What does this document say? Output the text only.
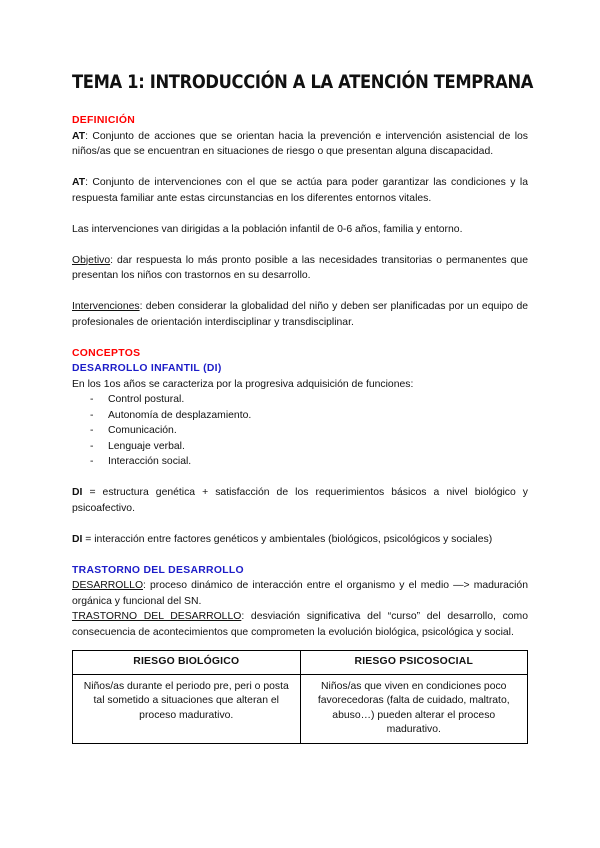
TEMA 1: INTRODUCCIÓN A LA ATENCIÓN TEMPRANA
DEFINICIÓN

AT: Conjunto de acciones que se orientan hacia la prevención e intervención asistencial de los niños/as que se encuentran en situaciones de riesgo o que presentan alguna discapacidad.

AT: Conjunto de intervenciones con el que se actúa para poder garantizar las condiciones y la respuesta familiar ante estas circunstancias en los diferentes entornos vitales.

Las intervenciones van dirigidas a la población infantil de 0-6 años, familia y entorno.

Objetivo: dar respuesta lo más pronto posible a las necesidades transitorias o permanentes que presentan los niños con trastornos en su desarrollo.

Intervenciones: deben considerar la globalidad del niño y deben ser planificadas por un equipo de profesionales de orientación interdisciplinar y transdisciplinar.

CONCEPTOS
DESARROLLO INFANTIL (DI)

En los 1os años se caracteriza por la progresiva adquisición de funciones:

- Control postural.
- Autonomía de desplazamiento.
- Comunicación.
- Lenguaje verbal.
- Interacción social.

DI = estructura genética + satisfacción de los requerimientos básicos a nivel biológico y psicoafectivo.

DI = interacción entre factores genéticos y ambientales (biológicos, psicológicos y sociales)

TRASTORNO DEL DESARROLLO

DESARROLLO: proceso dinámico de interacción entre el organismo y el medio —> maduración orgánica y funcional del SN.

TRASTORNO DEL DESARROLLO: desviación significativa del “curso” del desarrollo, como consecuencia de acontecimientos que comprometen la evolución biológica, psicológica y social.

RIESGO BIOLÓGICO	RIESGO PSICOSOCIAL
Niños/as durante el periodo pre, peri o posta tal sometido a situaciones que alteran el proceso madurativo.	Niños/as que viven en condiciones poco favorecedoras (falta de cuidado, maltrato, abuso…) pueden alterar el proceso madurativo.
